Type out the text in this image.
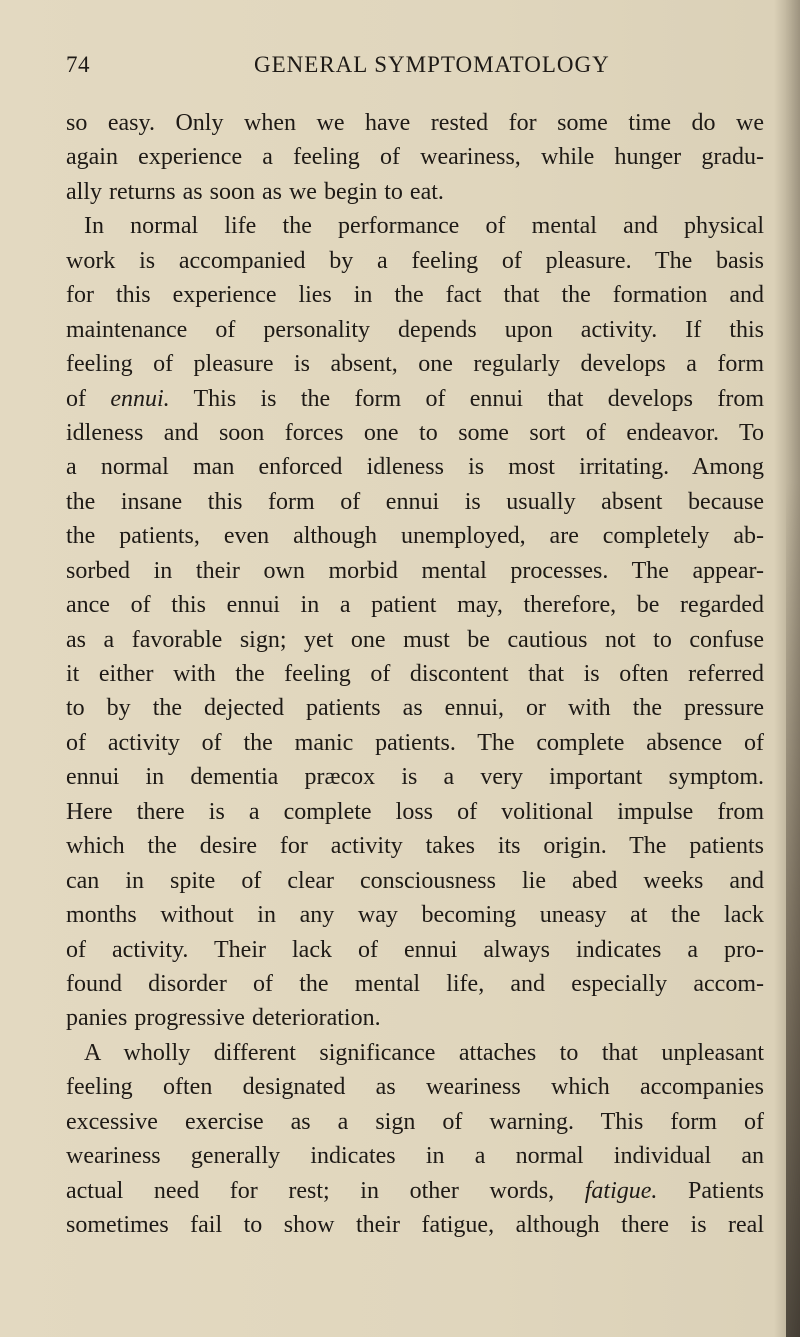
74	GENERAL SYMPTOMATOLOGY
so easy. Only when we have rested for some time do we
again experience a feeling of weariness, while hunger gradu-
ally returns as soon as we begin to eat.
In normal life the performance of mental and physical
work is accompanied by a feeling of pleasure. The basis
for this experience lies in the fact that the formation and
maintenance of personality depends upon activity. If this
feeling of pleasure is absent, one regularly develops a form
of ennui. This is the form of ennui that develops from
idleness and soon forces one to some sort of endeavor. To
a normal man enforced idleness is most irritating. Among
the insane this form of ennui is usually absent because
the patients, even although unemployed, are completely ab-
sorbed in their own morbid mental processes. The appear-
ance of this ennui in a patient may, therefore, be regarded
as a favorable sign; yet one must be cautious not to confuse
it either with the feeling of discontent that is often referred
to by the dejected patients as ennui, or with the pressure
of activity of the manic patients. The complete absence of
ennui in dementia præcox is a very important symptom.
Here there is a complete loss of volitional impulse from
which the desire for activity takes its origin. The patients
can in spite of clear consciousness lie abed weeks and
months without in any way becoming uneasy at the lack
of activity. Their lack of ennui always indicates a pro-
found disorder of the mental life, and especially accom-
panies progressive deterioration.
A wholly different significance attaches to that unpleasant
feeling often designated as weariness which accompanies
excessive exercise as a sign of warning. This form of
weariness generally indicates in a normal individual an
actual need for rest; in other words, fatigue. Patients
sometimes fail to show their fatigue, although there is real
